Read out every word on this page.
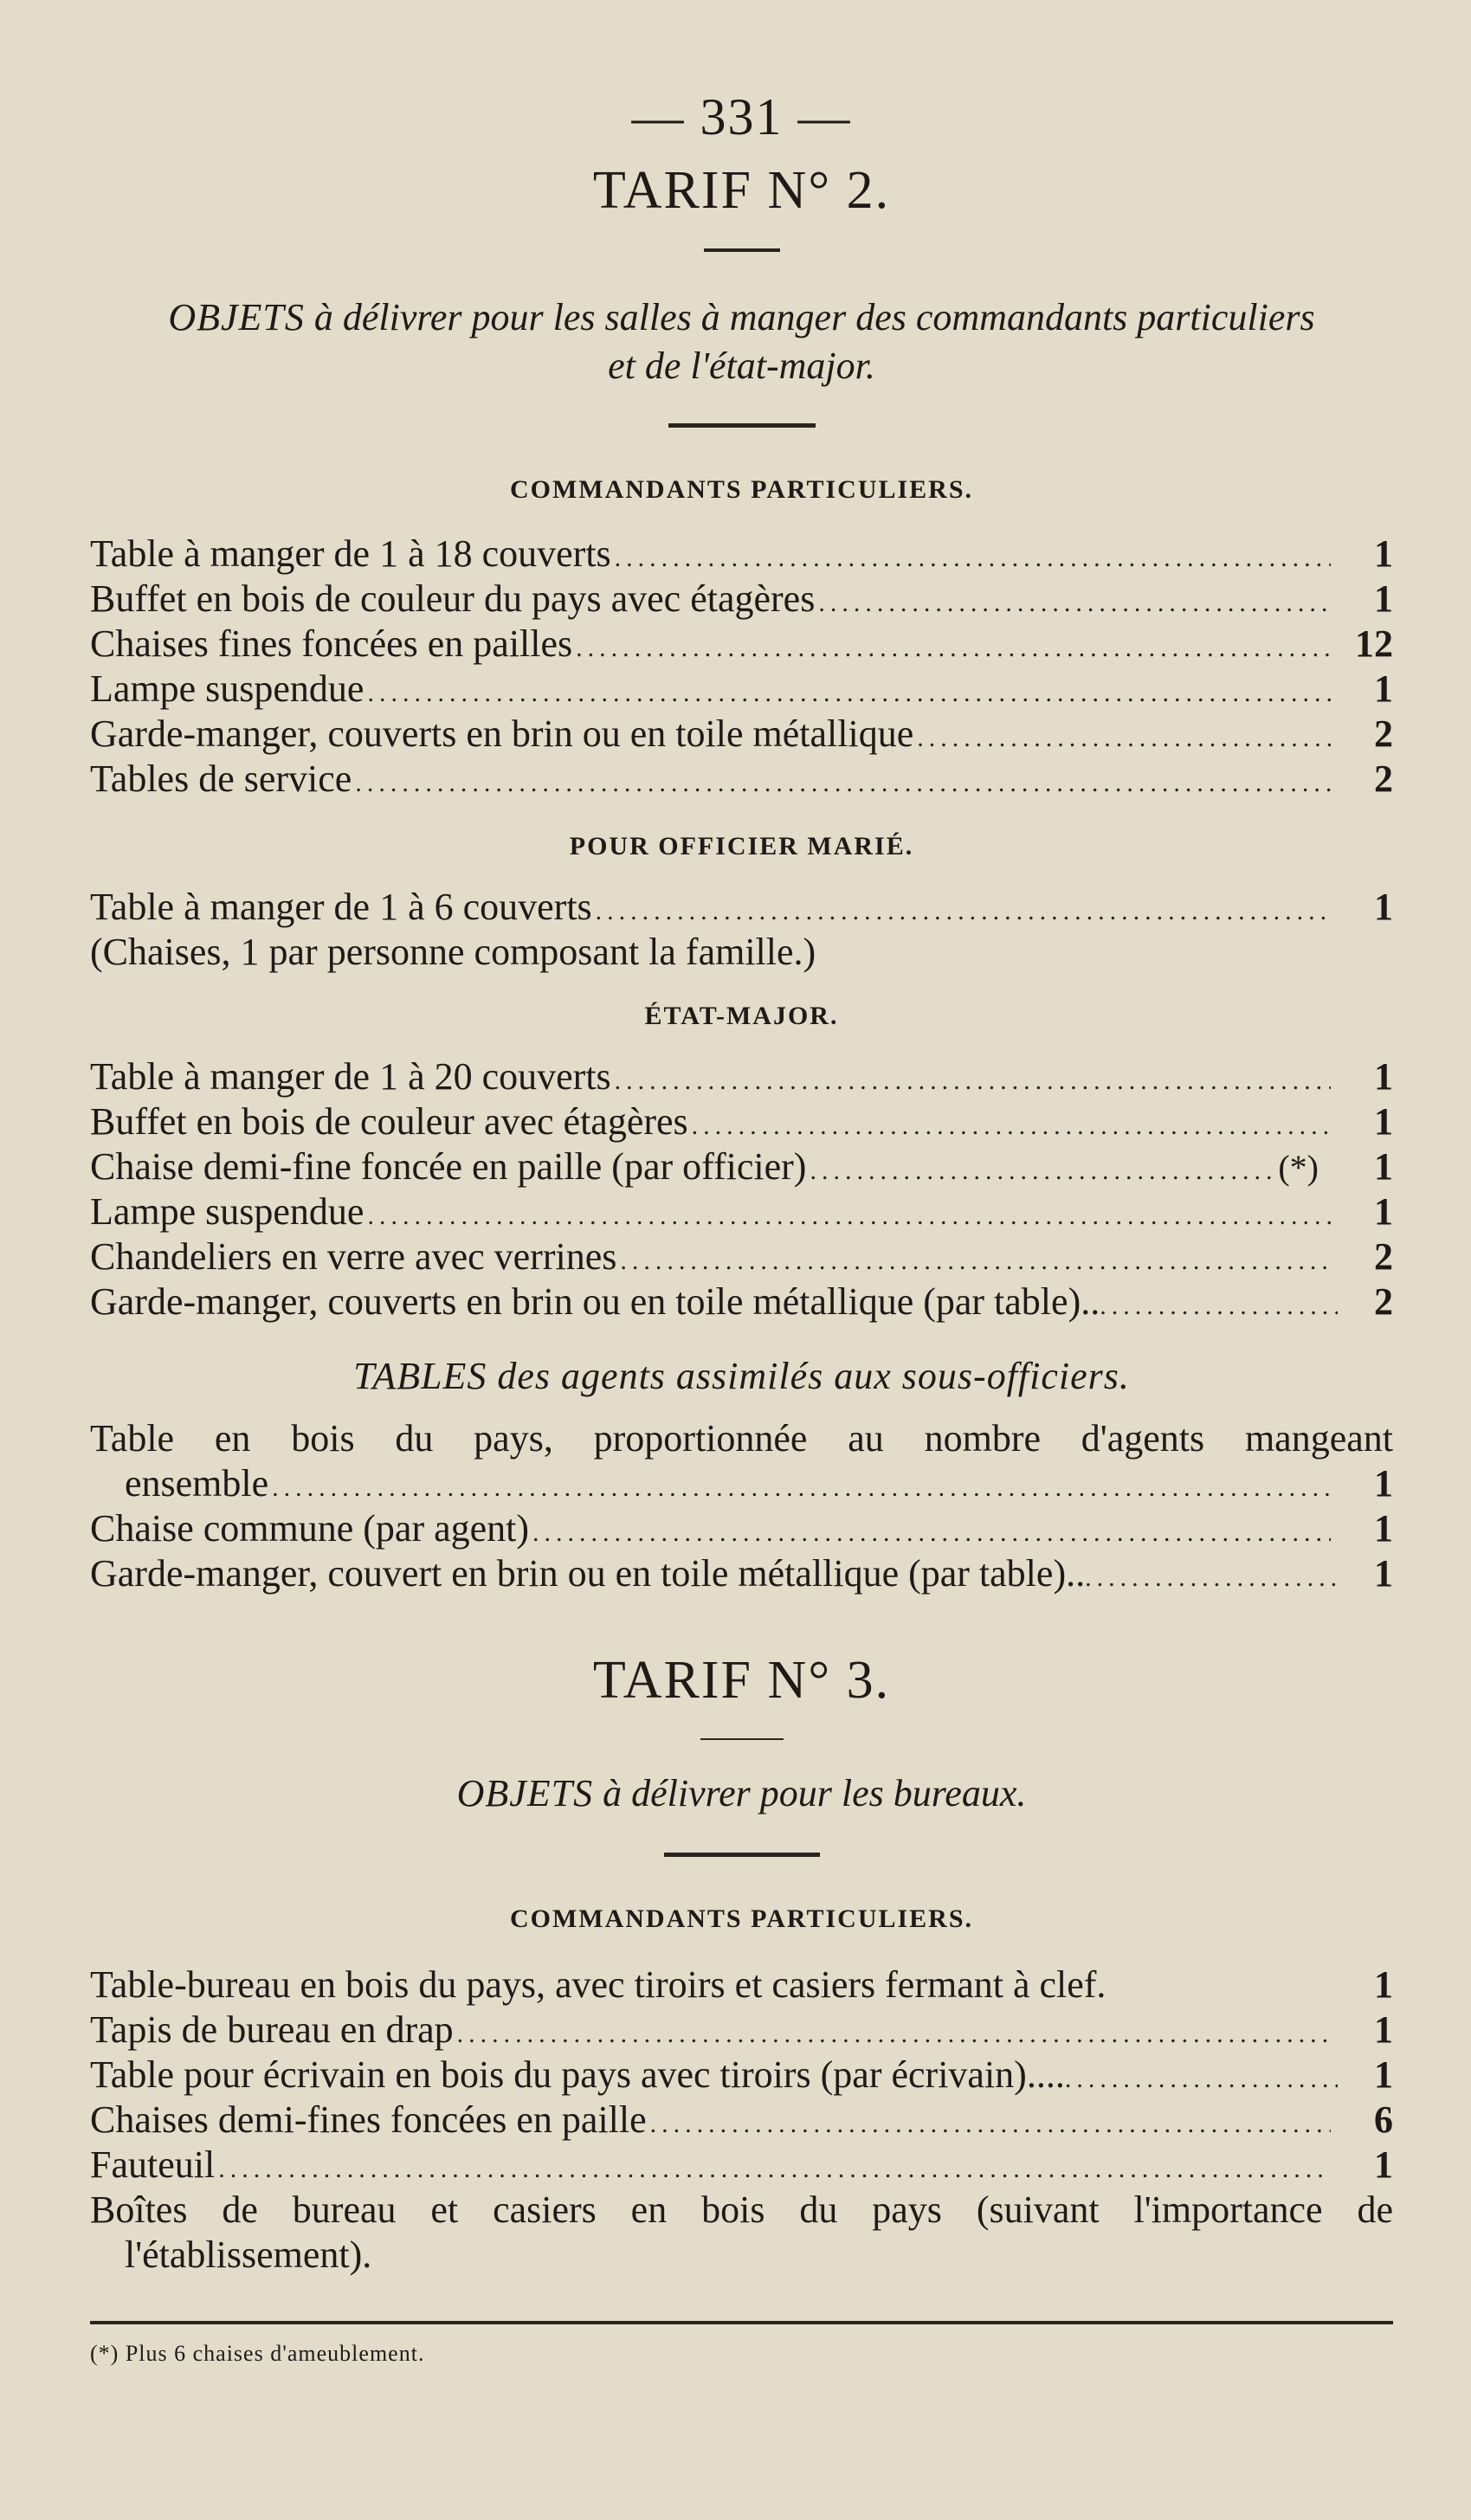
— 331 —
TARIF N° 2.
OBJETS à délivrer pour les salles à manger des commandants particuliers
et de l'état-major.
COMMANDANTS PARTICULIERS.
Table à manger de 1 à 18 couverts .....	1
Buffet en bois de couleur du pays avec étagères .....	1
Chaises fines foncées en pailles .....	12
Lampe suspendue .....	1
Garde-manger, couverts en brin ou en toile métallique .....	2
Tables de service .....	2
POUR OFFICIER MARIÉ.
Table à manger de 1 à 6 couverts .....	1
(Chaises, 1 par personne composant la famille.)
ÉTAT-MAJOR.
Table à manger de 1 à 20 couverts .....	1
Buffet en bois de couleur avec étagères .....	1
Chaise demi-fine foncée en paille (par officier) .....	(*)	1
Lampe suspendue .....	1
Chandeliers en verre avec verrines .....	2
Garde-manger, couverts en brin ou en toile métallique (par table).. .....	2
TABLES des agents assimilés aux sous-officiers.
Table en bois du pays, proportionnée au nombre d'agents mangeant
ensemble .....	1
Chaise commune (par agent) .....	1
Garde-manger, couvert en brin ou en toile métallique (par table).. .....	1
TARIF N° 3.
OBJETS à délivrer pour les bureaux.
COMMANDANTS PARTICULIERS.
Table-bureau en bois du pays, avec tiroirs et casiers fermant à clef.	1
Tapis de bureau en drap .....	1
Table pour écrivain en bois du pays avec tiroirs (par écrivain).... .....	1
Chaises demi-fines foncées en paille .....	6
Fauteuil .....	1
Boîtes de bureau et casiers en bois du pays (suivant l'importance de
l'établissement).
(*) Plus 6 chaises d'ameublement.
